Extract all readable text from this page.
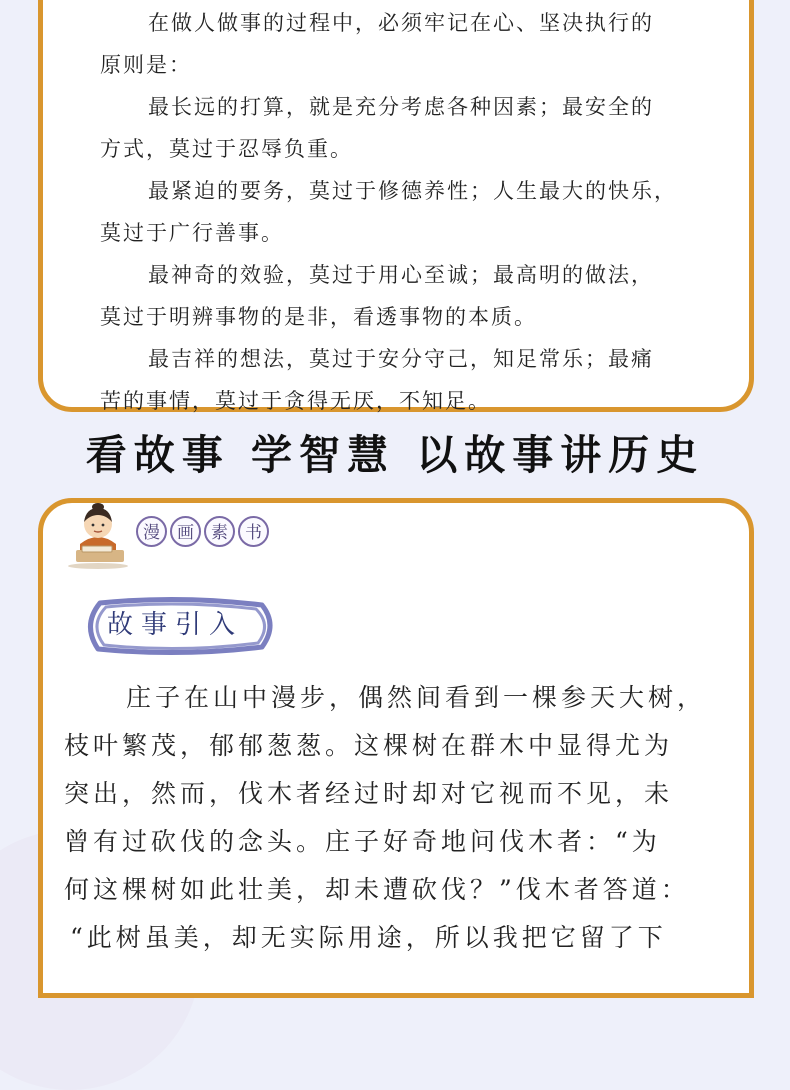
在做人做事的过程中，必须牢记在心、坚决执行的

原则是：

最长远的打算，就是充分考虑各种因素；最安全的

方式，莫过于忍辱负重。

最紧迫的要务，莫过于修德养性；人生最大的快乐，

莫过于广行善事。

最神奇的效验，莫过于用心至诚；最高明的做法，

莫过于明辨事物的是非，看透事物的本质。

最吉祥的想法，莫过于安分守己，知足常乐；最痛

苦的事情，莫过于贪得无厌，不知足。

看故事 学智慧 以故事讲历史
漫	画	素	书
故事引入

庄子在山中漫步，偶然间看到一棵参天大树，

枝叶繁茂，郁郁葱葱。这棵树在群木中显得尤为

突出，然而，伐木者经过时却对它视而不见，未

曾有过砍伐的念头。庄子好奇地问伐木者：“为

何这棵树如此壮美，却未遭砍伐？”伐木者答道：

“此树虽美，却无实际用途，所以我把它留了下
